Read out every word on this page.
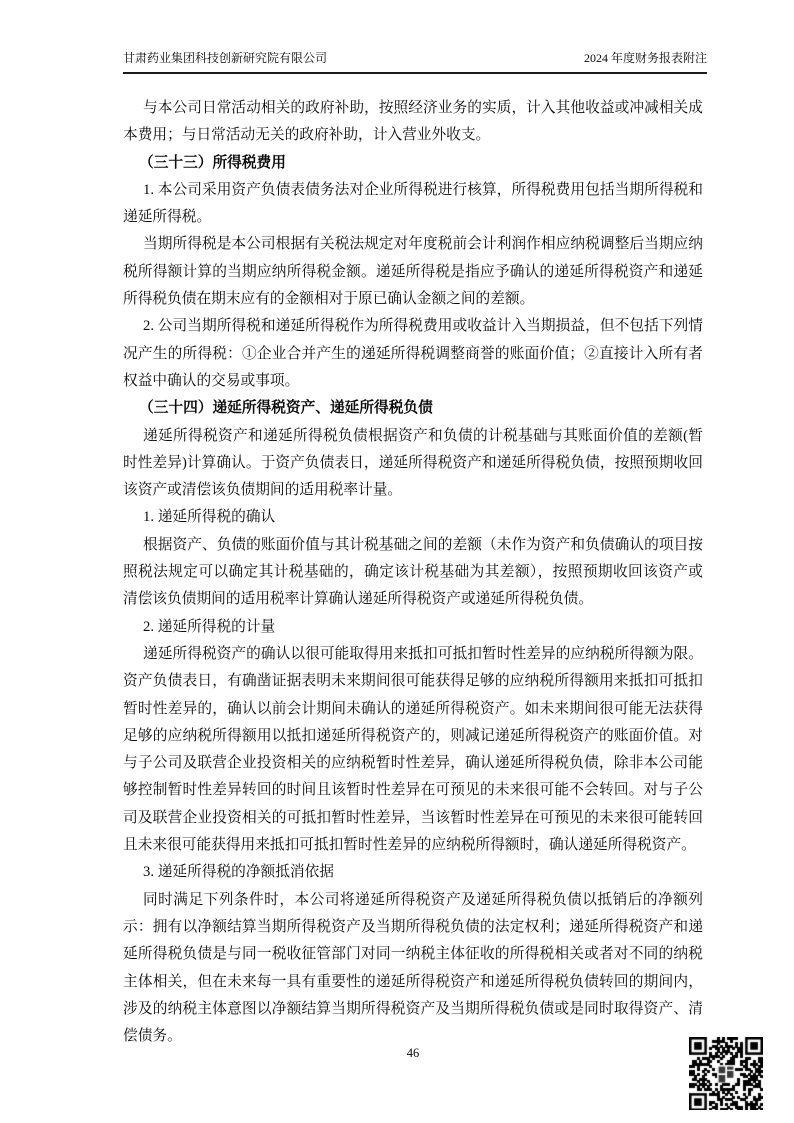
甘肃药业集团科技创新研究院有限公司	2024 年度财务报表附注

与本公司日常活动相关的政府补助，按照经济业务的实质，计入其他收益或冲减相关成本费用；与日常活动无关的政府补助，计入营业外收支。

（三十三）所得税费用

1. 本公司采用资产负债表债务法对企业所得税进行核算，所得税费用包括当期所得税和递延所得税。

当期所得税是本公司根据有关税法规定对年度税前会计利润作相应纳税调整后当期应纳税所得额计算的当期应纳所得税金额。递延所得税是指应予确认的递延所得税资产和递延所得税负债在期末应有的金额相对于原已确认金额之间的差额。

2. 公司当期所得税和递延所得税作为所得税费用或收益计入当期损益，但不包括下列情况产生的所得税：①企业合并产生的递延所得税调整商誉的账面价值；②直接计入所有者权益中确认的交易或事项。

（三十四）递延所得税资产、递延所得税负债

递延所得税资产和递延所得税负债根据资产和负债的计税基础与其账面价值的差额(暂时性差异)计算确认。于资产负债表日，递延所得税资产和递延所得税负债，按照预期收回该资产或清偿该负债期间的适用税率计量。

1. 递延所得税的确认

根据资产、负债的账面价值与其计税基础之间的差额（未作为资产和负债确认的项目按照税法规定可以确定其计税基础的，确定该计税基础为其差额），按照预期收回该资产或清偿该负债期间的适用税率计算确认递延所得税资产或递延所得税负债。

2. 递延所得税的计量

递延所得税资产的确认以很可能取得用来抵扣可抵扣暂时性差异的应纳税所得额为限。资产负债表日，有确凿证据表明未来期间很可能获得足够的应纳税所得额用来抵扣可抵扣暂时性差异的，确认以前会计期间未确认的递延所得税资产。如未来期间很可能无法获得足够的应纳税所得额用以抵扣递延所得税资产的，则减记递延所得税资产的账面价值。对与子公司及联营企业投资相关的应纳税暂时性差异，确认递延所得税负债，除非本公司能够控制暂时性差异转回的时间且该暂时性差异在可预见的未来很可能不会转回。对与子公司及联营企业投资相关的可抵扣暂时性差异，当该暂时性差异在可预见的未来很可能转回且未来很可能获得用来抵扣可抵扣暂时性差异的应纳税所得额时，确认递延所得税资产。

3. 递延所得税的净额抵消依据

同时满足下列条件时，本公司将递延所得税资产及递延所得税负债以抵销后的净额列示：拥有以净额结算当期所得税资产及当期所得税负债的法定权利；递延所得税资产和递延所得税负债是与同一税收征管部门对同一纳税主体征收的所得税相关或者对不同的纳税主体相关，但在未来每一具有重要性的递延所得税资产和递延所得税负债转回的期间内，涉及的纳税主体意图以净额结算当期所得税资产及当期所得税负债或是同时取得资产、清偿债务。

46
